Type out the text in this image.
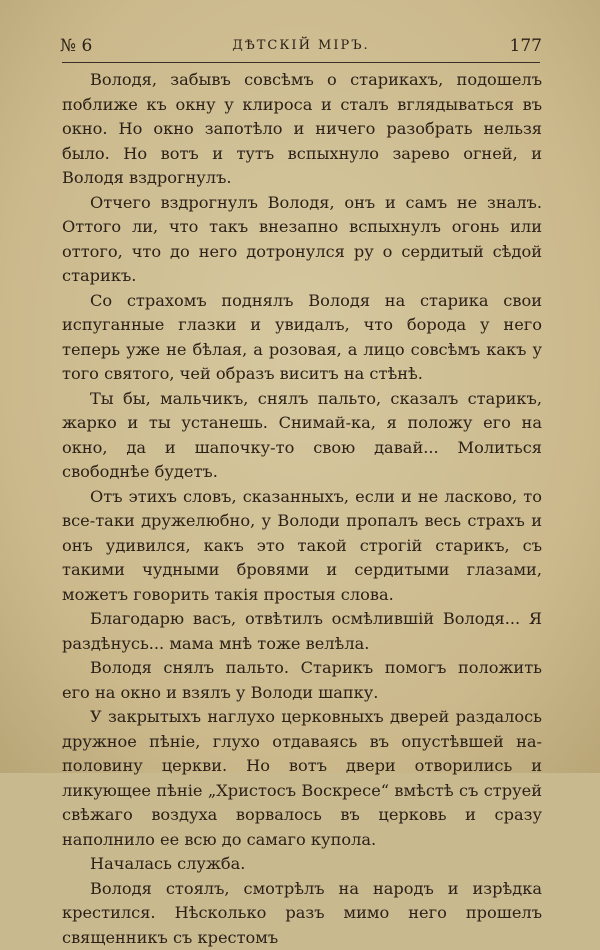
№ 6	ДѢТСКІЙ МІРЪ.	177

Володя, забывъ совсѣмъ о старикахъ, подошелъ поближе къ окну у клироса и сталъ вглядываться въ окно. Но окно запотѣло и ничего разобрать нельзя было. Но вотъ и тутъ вспыхнуло зарево огней, и Володя вздрогнулъ.

Отчего вздрогнулъ Володя, онъ и самъ не зналъ. Оттого ли, что такъ внезапно вспыхнулъ огонь или оттого, что до него дотронулся ру о сердитый сѣдой старикъ.

Со страхомъ поднялъ Володя на старика свои испуганные глазки и увидалъ, что борода у него теперь уже не бѣлая, а розовая, а лицо совсѣмъ какъ у того святого, чей образъ виситъ на стѣнѣ.

Ты бы, мальчикъ, снялъ пальто, сказалъ старикъ, жарко и ты устанешь. Снимай-ка, я положу его на окно, да и шапочку-то свою давай... Молиться свободнѣе будетъ.

Отъ этихъ словъ, сказанныхъ, если и не ласково, то все-таки дружелюбно, у Володи пропалъ весь страхъ и онъ удивился, какъ это такой строгій старикъ, съ такими чудными бровями и сердитыми глазами, можетъ говорить такія простыя слова.

Благодарю васъ, отвѣтилъ осмѣлившій Володя... Я раздѣнусь... мама мнѣ тоже велѣла.

Володя снялъ пальто. Старикъ помогъ положить его на окно и взялъ у Володи шапку.

У закрытыхъ наглухо церковныхъ дверей раздалось дружное пѣніе, глухо отдаваясь въ опустѣвшей на-половину церкви. Но вотъ двери отворились и ликующее пѣніе „Христосъ Воскресе“ вмѣстѣ съ струей свѣжаго воздуха ворвалось въ церковь и сразу наполнило ее всю до самаго купола.

Началась служба.

Володя стоялъ, смотрѣлъ на народъ и изрѣдка крестился. Нѣсколько разъ мимо него прошелъ священникъ съ крестомъ
